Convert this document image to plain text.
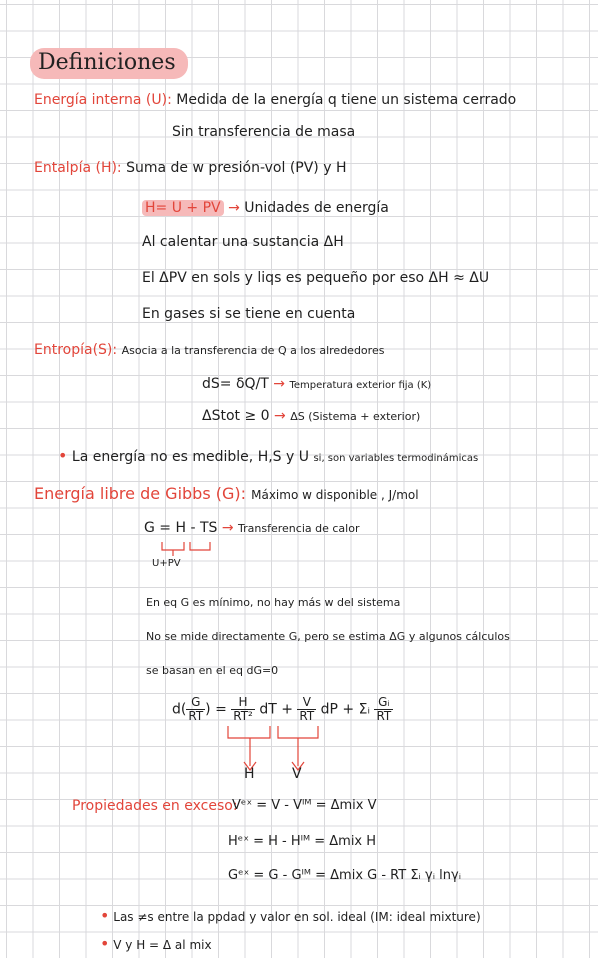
Definiciones
Energía interna (U): Medida de la energía q tiene un sistema cerrado
Sin transferencia de masa
Entalpía (H): Suma de w presión-vol (PV) y H
H= U + PV → Unidades de energía
Al calentar una sustancia ΔH
El ΔPV en sols y liqs es pequeño por eso ΔH ≈ ΔU
En gases si se tiene en cuenta
Entropía(S): Asocia a la transferencia de Q a los alrededores
dS= δQ/T → Temperatura exterior fija (K)
ΔStot ≥ 0 → ΔS (Sistema + exterior)
• La energía no es medible, H,S y U si, son variables termodinámicas
Energía libre de Gibbs (G): Máximo w disponible , J/mol
G = H - TS → Transferencia de calor
U+PV
En eq G es mínimo, no hay más w del sistema
No se mide directamente G, pero se estima ΔG y algunos cálculos
se basan en el eq dG=0
$d( \frac{G}{RT}$ ) = $\frac{H}{\text{RT²}}$ dT + $\frac{V}{RT}$ dP + Σᵢ $\frac{\text{Gᵢ}}{RT}$
H	V
Propiedades en exceso:
Vᵉˣ = V - Vᴵᴹ = Δmix V
Hᵉˣ = H - Hᴵᴹ = Δmix H
Gᵉˣ = G - Gᴵᴹ = Δmix G - RT Σᵢ γᵢ lnγᵢ
• Las ≠s entre la ppdad y valor en sol. ideal (IM: ideal mixture)
• V y H = Δ al mix
